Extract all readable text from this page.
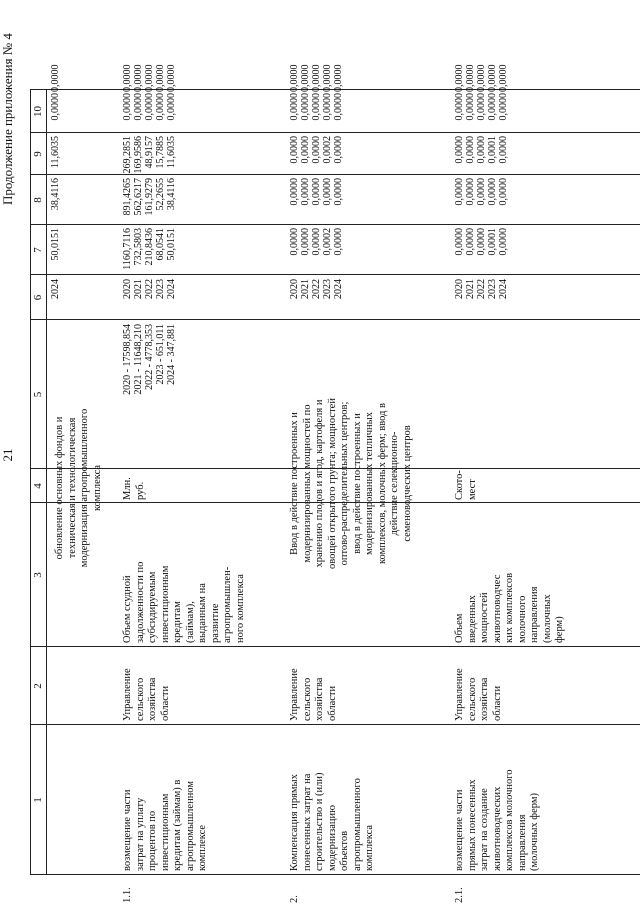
21
Продолжение приложения № 4
1
2
3
4
5
6
7
8
9
10
обновление основных фондов и техническая и технологическая модернизация агропромышленного комплекса
2024
50,0151
38,4116
11,6035
0,0000
0,0000
1.1.
возмещение части затрат на уплату процентов по инвестиционным кредитам (займам) в агропромышленном комплексе
Управление сельского хозяйства области
Объем ссудной задолженности по субсидируемым инвестиционным кредитам (займам), выданным на развитие агропромышлен- ного комплекса
Млн. руб.
2020 - 17598,854 2021 - 11648,210 2022 - 4778,353 2023 - 651,011 2024 - 347,881
2020 2021 2022 2023 2024
1160,7116 732,5803 210,8436 68,0541 50,0151
891,4265 562,6217 161,9279 52,2655 38,4116
269,2851 169,9586 48,9157 15,7885 11,6035
0,0000 0,0000 0,0000 0,0000 0,0000
0,0000 0,0000 0,0000 0,0000 0,0000
2.
Компенсация прямых понесенных затрат на строительство и (или) модернизацию объектов агропромышленного комплекса
Управление сельского хозяйства области
Ввод в действие построенных и модернизированных мощностей по хранению плодов и ягод, картофеля и овощей открытого грунта; мощностей оптово-распределительных центров; ввод в действие построенных и модернизированных тепличных комплексов, молочных ферм; ввод в действие селекционно- семеноводческих центров
2020 2021 2022 2023 2024
0,0000 0,0000 0,0000 0,0002 0,0000
0,0000 0,0000 0,0000 0,0000 0,0000
0,0000 0,0000 0,0000 0,0002 0,0000
0,0000 0,0000 0,0000 0,0000 0,0000
0,0000 0,0000 0,0000 0,0000 0,0000
2.1.
возмещение части прямых понесенных затрат на создание животноводческих комплексов молочного направления (молочных ферм)
Управление сельского хозяйства области
Объем введенных мощностей животноводчес ких комплексов молочного направления (молочных ферм)
Ското- мест
2020 2021 2022 2023 2024
0,0000 0,0000 0,0000 0,0001 0,0000
0,0000 0,0000 0,0000 0,0000 0,0000
0,0000 0,0000 0,0000 0,0001 0,0000
0,0000 0,0000 0,0000 0,0000 0,0000
0,0000 0,0000 0,0000 0,0000 0,0000
